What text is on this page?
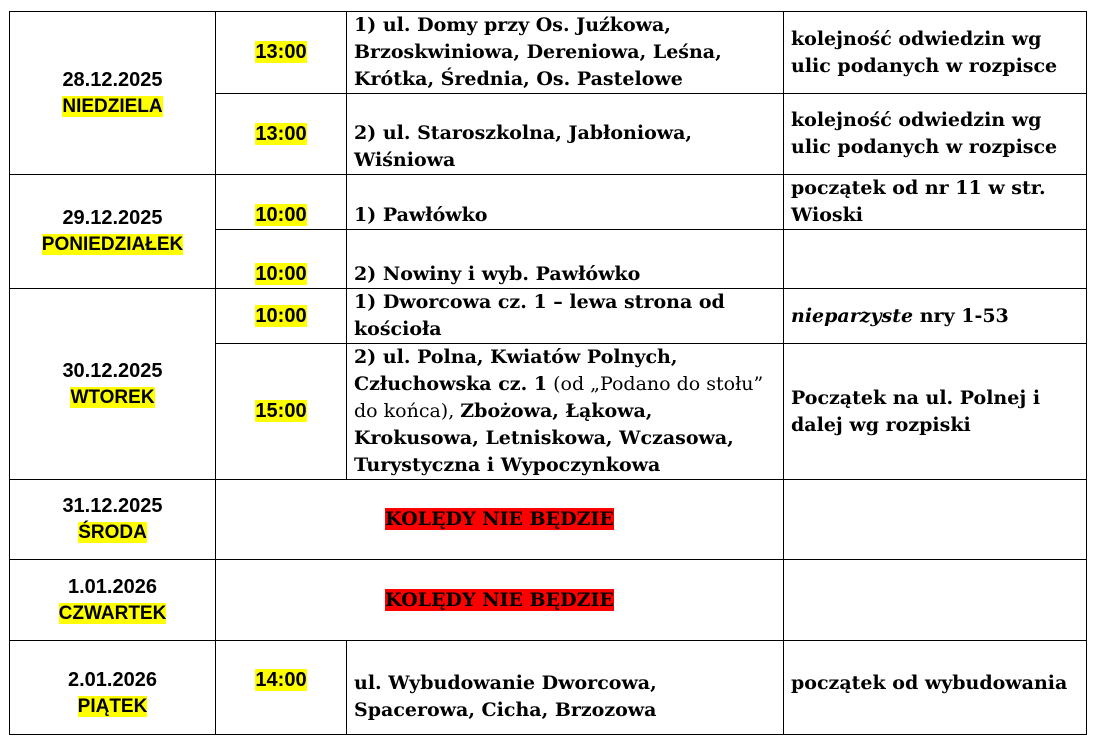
28.12.2025
NIEDZIELA	13:00	1) ul. Domy przy Os. Juźkowa, Brzoskwiniowa, Dereniowa, Leśna, Krótka, Średnia, Os. Pastelowe	kolejność odwiedzin wg ulic podanych w rozpisce
	13:00	2) ul. Staroszkolna, Jabłoniowa, Wiśniowa	kolejność odwiedzin wg ulic podanych w rozpisce

29.12.2025
PONIEDZIAŁEK	10:00	1) Pawłówko	początek od nr 11 w str. Wioski
	10:00	2) Nowiny i wyb. Pawłówko	

30.12.2025
WTOREK	10:00	1) Dworcowa cz. 1 – lewa strona od kościoła	nieparzyste nry 1-53
	15:00	2) ul. Polna, Kwiatów Polnych, Człuchowska cz. 1 (od „Podano do stołu” do końca), Zbożowa, Łąkowa, Krokusowa, Letniskowa, Wczasowa, Turystyczna i Wypoczynkowa	Początek na ul. Polnej i dalej wg rozpiski

31.12.2025
ŚRODA	KOLĘDY NIE BĘDZIE		

1.01.2026
CZWARTEK	KOLĘDY NIE BĘDZIE		

2.01.2026
PIĄTEK	14:00	ul. Wybudowanie Dworcowa, Spacerowa, Cicha, Brzozowa	początek od wybudowania
